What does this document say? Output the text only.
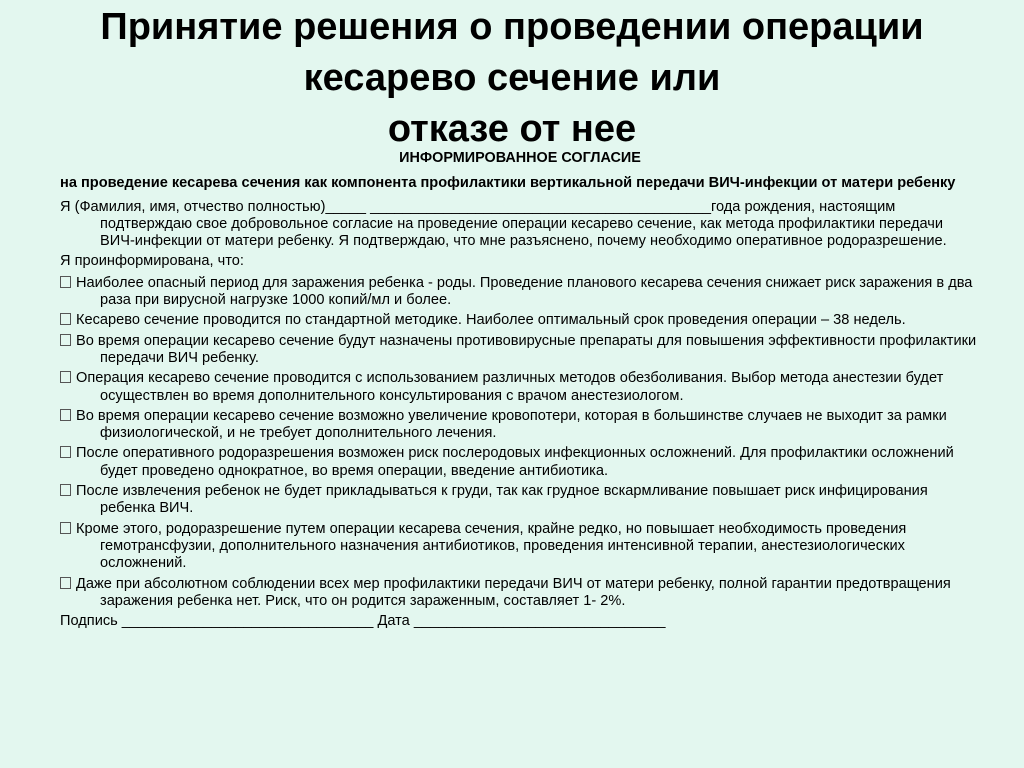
Принятие решения о проведении операции
кесарево сечение или
отказе от нее
ИНФОРМИРОВАННОЕ СОГЛАСИЕ
на проведение кесарева сечения как компонента профилактики вертикальной передачи ВИЧ-инфекции от матери ребенку
Я (Фамилия, имя, отчество полностью)_____ __________________________________________года рождения, настоящим подтверждаю свое добровольное согласие на проведение операции кесарево сечение, как метода профилактики передачи ВИЧ-инфекции от матери ребенку. Я подтверждаю, что мне разъяснено, почему необходимо оперативное родоразрешение.
Я проинформирована, что:
Наиболее опасный период для заражения ребенка - роды. Проведение планового кесарева сечения снижает риск заражения в два раза при вирусной нагрузке 1000 копий/мл и более.
Кесарево сечение проводится по стандартной методике. Наиболее оптимальный срок проведения операции – 38 недель.
Во время операции кесарево сечение будут назначены противовирусные препараты для повышения эффективности профилактики передачи ВИЧ ребенку.
Операция кесарево сечение проводится с использованием различных методов обезболивания. Выбор метода анестезии будет осуществлен во время дополнительного консультирования с врачом анестезиологом.
Во время операции кесарево сечение возможно увеличение кровопотери, которая в большинстве случаев не выходит за рамки физиологической, и не требует дополнительного лечения.
После оперативного родоразрешения возможен риск послеродовых инфекционных осложнений. Для профилактики осложнений будет проведено однократное, во время операции, введение антибиотика.
После извлечения ребенок не будет прикладываться к груди, так как грудное вскармливание повышает риск инфицирования ребенка ВИЧ.
Кроме этого, родоразрешение путем операции кесарева сечения, крайне редко, но повышает необходимость проведения гемотрансфузии, дополнительного назначения антибиотиков, проведения интенсивной терапии, анестезиологических осложнений.
Даже при абсолютном соблюдении всех мер профилактики передачи ВИЧ от матери ребенку, полной гарантии предотвращения заражения ребенка нет. Риск, что он родится зараженным, составляет 1- 2%.
Подпись _______________________________ Дата _______________________________
